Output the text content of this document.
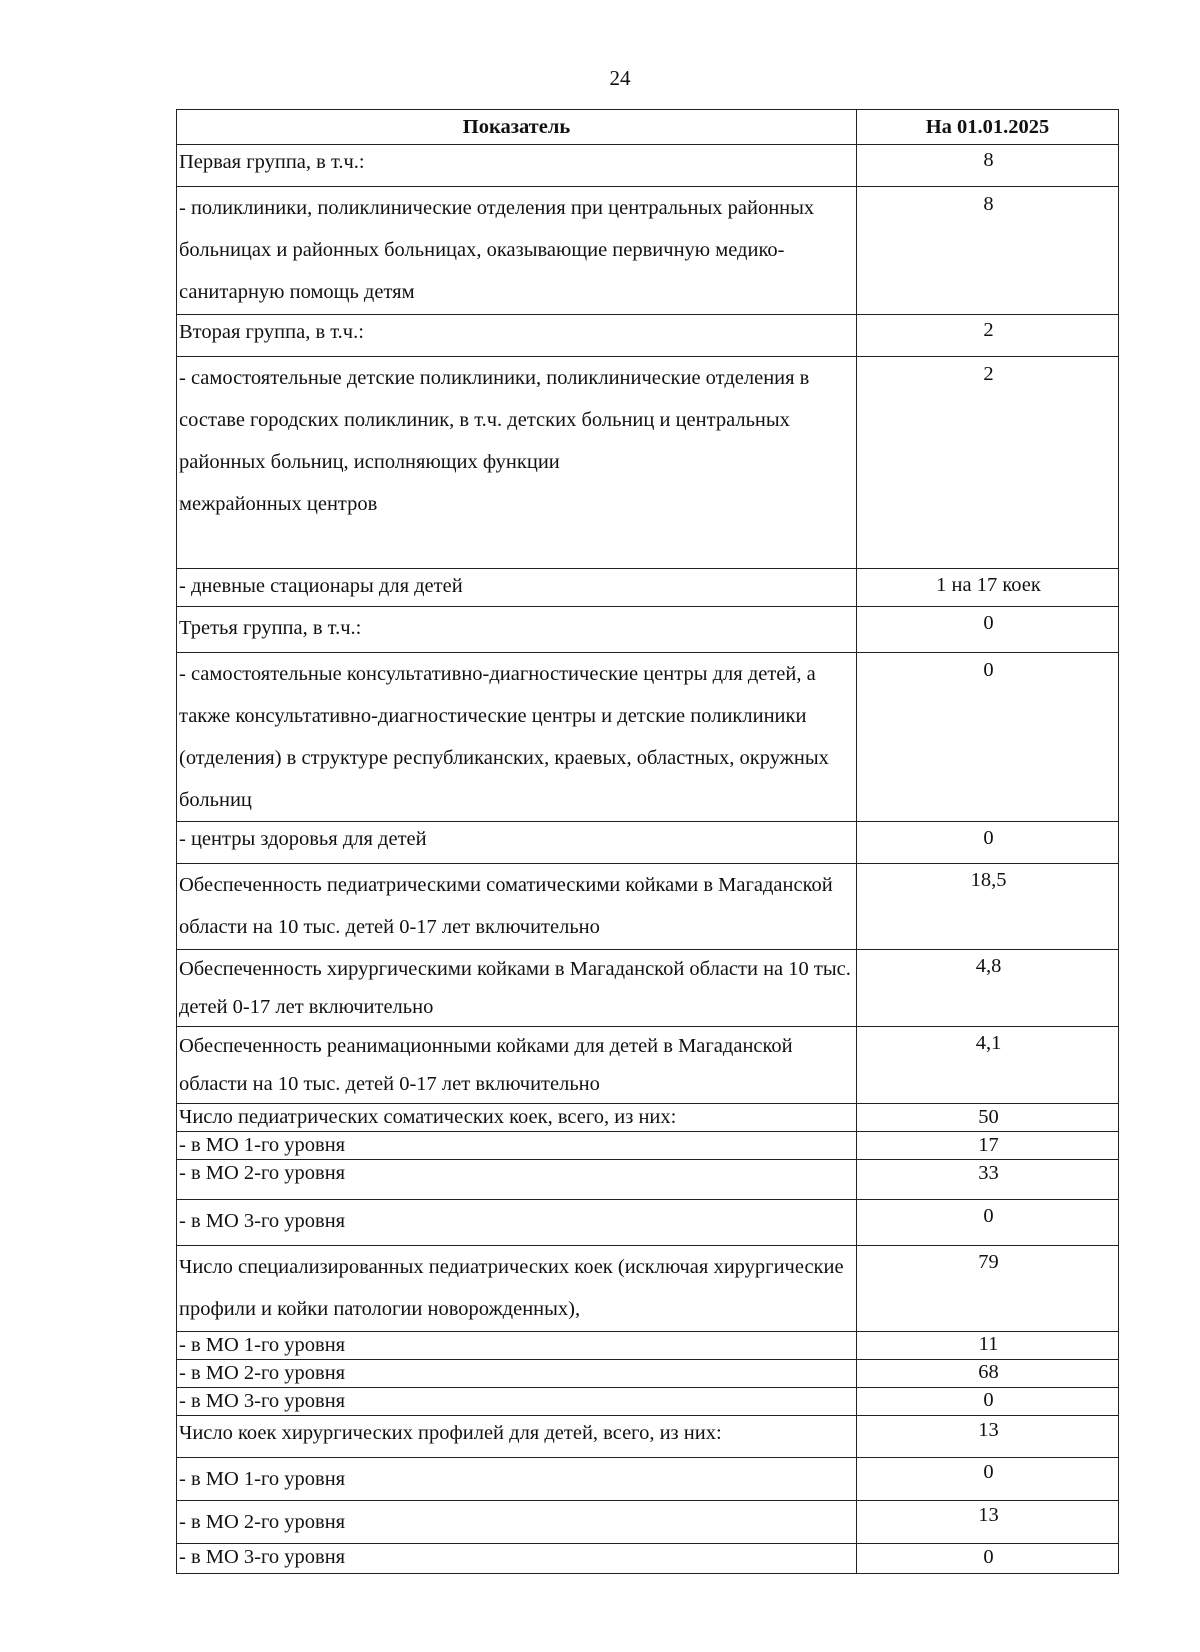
24
Показатель	На 01.01.2025
Первая группа, в т.ч.:	8

- поликлиники, поликлинические отделения при центральных районных больницах и районных больницах, оказывающие первичную медико-санитарную помощь детям	8

Вторая группа, в т.ч.:	2

- самостоятельные детские поликлиники, поликлинические отделения в составе городских поликлиник, в т.ч. детских больниц и центральных районных больниц, исполняющих функции
межрайонных центров	2

- дневные стационары для детей	1 на 17 коек

Третья группа, в т.ч.:	0

- самостоятельные консультативно-диагностические центры для детей, а также консультативно-диагностические центры и детские поликлиники (отделения) в структуре республиканских, краевых, областных, окружных больниц	0

- центры здоровья для детей	0

Обеспеченность педиатрическими соматическими койками в Магаданской области на 10 тыс. детей 0-17 лет включительно	18,5

Обеспеченность хирургическими койками в Магаданской области на 10 тыс. детей 0-17 лет включительно	4,8

Обеспеченность реанимационными койками для детей в Магаданской области на 10 тыс. детей 0-17 лет включительно	4,1

Число педиатрических соматических коек, всего, из них:	50

- в МО 1-го уровня	17

- в МО 2-го уровня	33

- в МО 3-го уровня	0

Число специализированных педиатрических коек (исключая хирургические профили и койки патологии новорожденных),	79

- в МО 1-го уровня	11

- в МО 2-го уровня	68

- в МО 3-го уровня	0

Число коек хирургических профилей для детей, всего, из них:	13

- в МО 1-го уровня	0

- в МО 2-го уровня	13

- в МО 3-го уровня	0
